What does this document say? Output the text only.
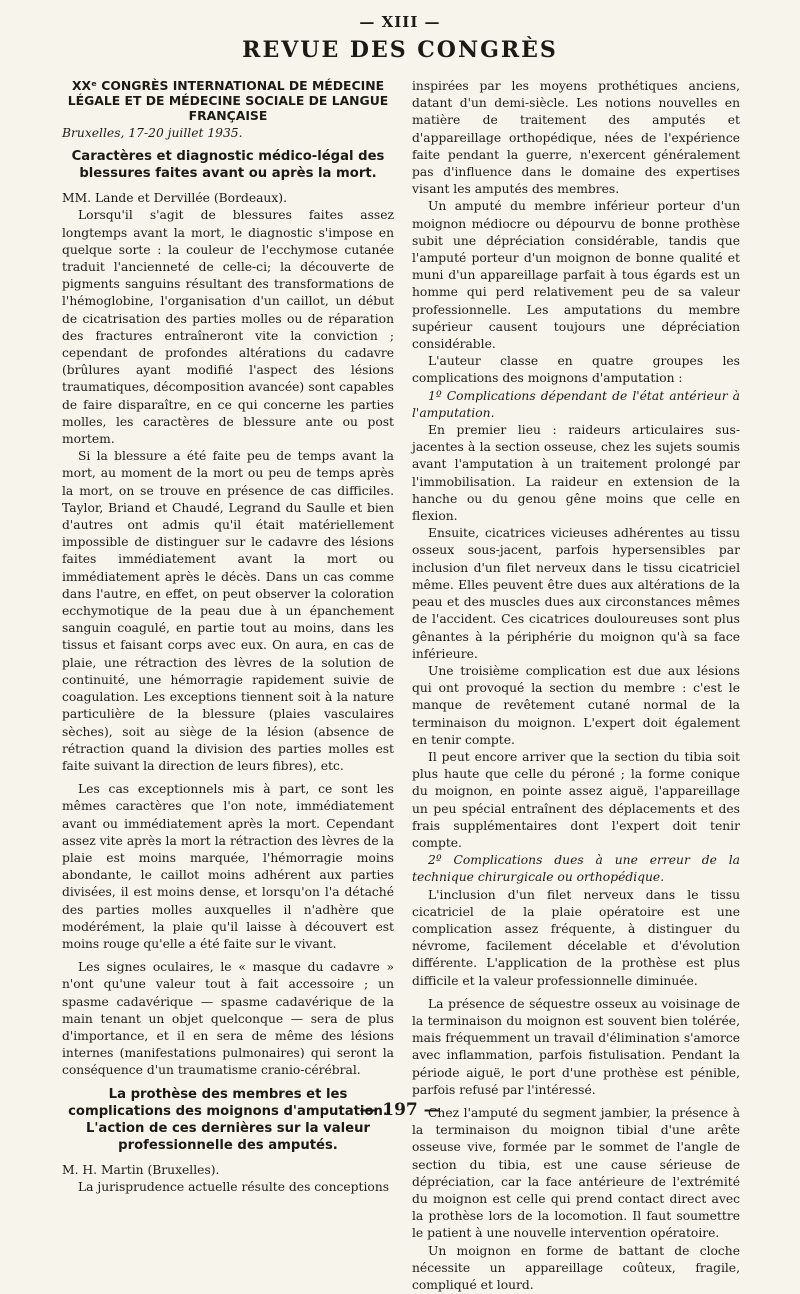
— XIII —
REVUE DES CONGRÈS
XXᵉ CONGRÈS INTERNATIONAL DE MÉDECINE LÉGALE ET DE MÉDECINE SOCIALE DE LANGUE FRANÇAISE

Bruxelles, 17-20 juillet 1935.

Caractères et diagnostic médico-légal des blessures faites avant ou après la mort.

MM. Lande et Dervillée (Bordeaux).

Lorsqu'il s'agit de blessures faites assez longtemps avant la mort, le diagnostic s'impose en quelque sorte : la couleur de l'ecchymose cutanée traduit l'ancienneté de celle-ci; la découverte de pigments sanguins résultant des transformations de l'hémoglobine, l'organisation d'un caillot, un début de cicatrisation des parties molles ou de réparation des fractures entraîneront vite la conviction ; cependant de profondes altérations du cadavre (brûlures ayant modifié l'aspect des lésions traumatiques, décomposition avancée) sont capables de faire disparaître, en ce qui concerne les parties molles, les caractères de blessure ante ou post mortem.

Si la blessure a été faite peu de temps avant la mort, au moment de la mort ou peu de temps après la mort, on se trouve en présence de cas difficiles. Taylor, Briand et Chaudé, Legrand du Saulle et bien d'autres ont admis qu'il était matériellement impossible de distinguer sur le cadavre des lésions faites immédiatement avant la mort ou immédiatement après le décès. Dans un cas comme dans l'autre, en effet, on peut observer la coloration ecchymotique de la peau due à un épanchement sanguin coagulé, en partie tout au moins, dans les tissus et faisant corps avec eux. On aura, en cas de plaie, une rétraction des lèvres de la solution de continuité, une hémorragie rapidement suivie de coagulation. Les exceptions tiennent soit à la nature particulière de la blessure (plaies vasculaires sèches), soit au siège de la lésion (absence de rétraction quand la division des parties molles est faite suivant la direction de leurs fibres), etc.

Les cas exceptionnels mis à part, ce sont les mêmes caractères que l'on note, immédiatement avant ou immédiatement après la mort. Cependant assez vite après la mort la rétraction des lèvres de la plaie est moins marquée, l'hémorragie moins abondante, le caillot moins adhérent aux parties divisées, il est moins dense, et lorsqu'on l'a détaché des parties molles auxquelles il n'adhère que modérément, la plaie qu'il laisse à découvert est moins rouge qu'elle a été faite sur le vivant.

Les signes oculaires, le « masque du cadavre » n'ont qu'une valeur tout à fait accessoire ; un spasme cadavérique — spasme cadavérique de la main tenant un objet quelconque — sera de plus d'importance, et il en sera de même des lésions internes (manifestations pulmonaires) qui seront la conséquence d'un traumatisme cranio-cérébral.

La prothèse des membres et les complications des moignons d'amputation. L'action de ces dernières sur la valeur professionnelle des amputés.

M. H. Martin (Bruxelles).

La jurisprudence actuelle résulte des conceptions

inspirées par les moyens prothétiques anciens, datant d'un demi-siècle. Les notions nouvelles en matière de traitement des amputés et d'appareillage orthopédique, nées de l'expérience faite pendant la guerre, n'exercent généralement pas d'influence dans le domaine des expertises visant les amputés des membres.

Un amputé du membre inférieur porteur d'un moignon médiocre ou dépourvu de bonne prothèse subit une dépréciation considérable, tandis que l'amputé porteur d'un moignon de bonne qualité et muni d'un appareillage parfait à tous égards est un homme qui perd relativement peu de sa valeur professionnelle. Les amputations du membre supérieur causent toujours une dépréciation considérable.

L'auteur classe en quatre groupes les complications des moignons d'amputation :

1º Complications dépendant de l'état antérieur à l'amputation.

En premier lieu : raideurs articulaires sus-jacentes à la section osseuse, chez les sujets soumis avant l'amputation à un traitement prolongé par l'immobilisation. La raideur en extension de la hanche ou du genou gêne moins que celle en flexion.

Ensuite, cicatrices vicieuses adhérentes au tissu osseux sous-jacent, parfois hypersensibles par inclusion d'un filet nerveux dans le tissu cicatriciel même. Elles peuvent être dues aux altérations de la peau et des muscles dues aux circonstances mêmes de l'accident. Ces cicatrices douloureuses sont plus gênantes à la périphérie du moignon qu'à sa face inférieure.

Une troisième complication est due aux lésions qui ont provoqué la section du membre : c'est le manque de revêtement cutané normal de la terminaison du moignon. L'expert doit également en tenir compte.

Il peut encore arriver que la section du tibia soit plus haute que celle du péroné ; la forme conique du moignon, en pointe assez aiguë, l'appareillage un peu spécial entraînent des déplacements et des frais supplémentaires dont l'expert doit tenir compte.

2º Complications dues à une erreur de la technique chirurgicale ou orthopédique.

L'inclusion d'un filet nerveux dans le tissu cicatriciel de la plaie opératoire est une complication assez fréquente, à distinguer du névrome, facilement décelable et d'évolution différente. L'application de la prothèse est plus difficile et la valeur professionnelle diminuée.

La présence de séquestre osseux au voisinage de la terminaison du moignon est souvent bien tolérée, mais fréquemment un travail d'élimination s'amorce avec inflammation, parfois fistulisation. Pendant la période aiguë, le port d'une prothèse est pénible, parfois refusé par l'intéressé.

Chez l'amputé du segment jambier, la présence à la terminaison du moignon tibial d'une arête osseuse vive, formée par le sommet de l'angle de section du tibia, est une cause sérieuse de dépréciation, car la face antérieure de l'extrémité du moignon est celle qui prend contact direct avec la prothèse lors de la locomotion. Il faut soumettre le patient à une nouvelle intervention opératoire.

Un moignon en forme de battant de cloche nécessite un appareillage coûteux, fragile, compliqué et lourd.

— 197 —
